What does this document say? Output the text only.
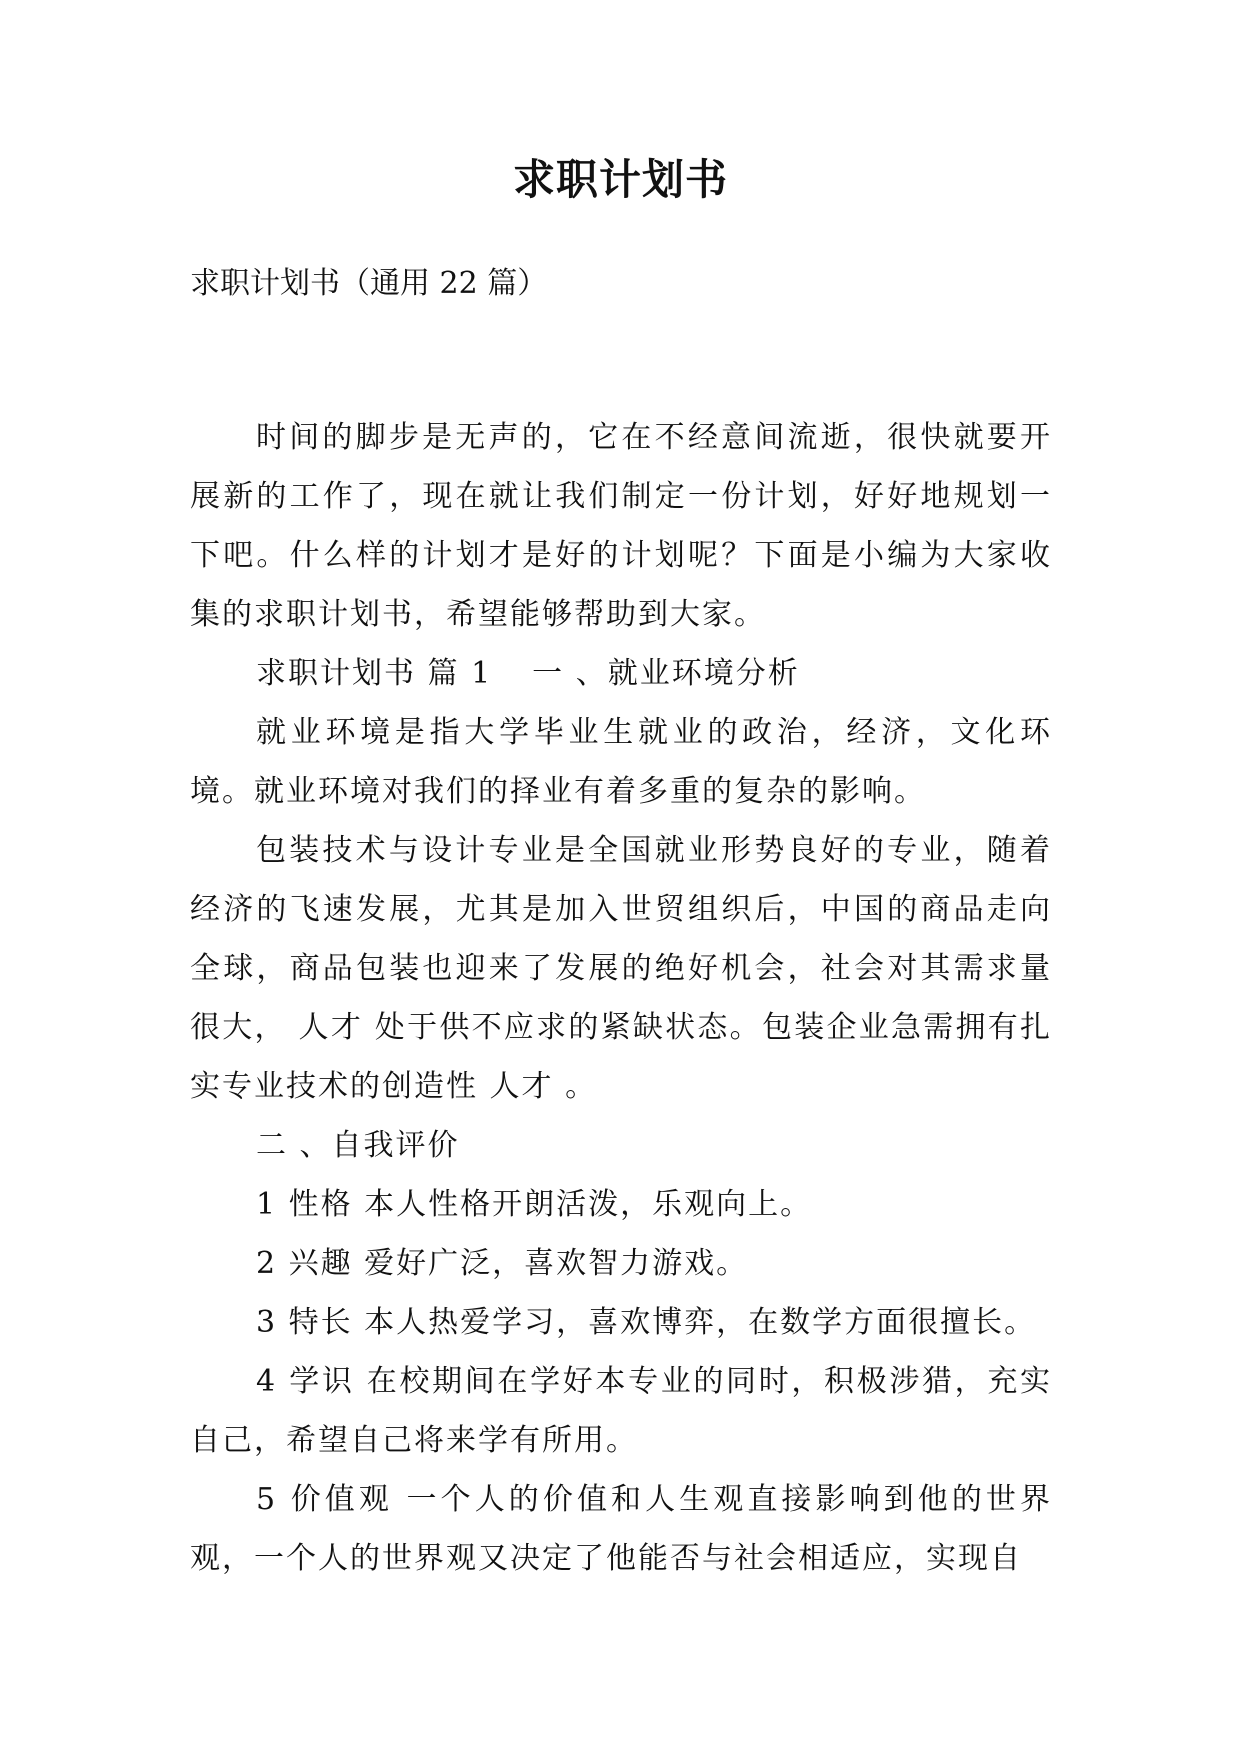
求职计划书
求职计划书（通用 22 篇）

时间的脚步是无声的，它在不经意间流逝，很快就要开展新的工作了，现在就让我们制定一份计划，好好地规划一下吧。什么样的计划才是好的计划呢？下面是小编为大家收集的求职计划书，希望能够帮助到大家。

求职计划书 篇 1 一 、就业环境分析

就业环境是指大学毕业生就业的政治，经济，文化环境。就业环境对我们的择业有着多重的复杂的影响。

包装技术与设计专业是全国就业形势良好的专业，随着经济的飞速发展，尤其是加入世贸组织后，中国的商品走向全球，商品包装也迎来了发展的绝好机会，社会对其需求量很大， 人才 处于供不应求的紧缺状态。包装企业急需拥有扎实专业技术的创造性 人才 。

二 、自我评价

1 性格 本人性格开朗活泼，乐观向上。

2 兴趣 爱好广泛，喜欢智力游戏。

3 特长 本人热爱学习，喜欢博弈，在数学方面很擅长。

4 学识 在校期间在学好本专业的同时，积极涉猎，充实自己，希望自己将来学有所用。

5 价值观 一个人的价值和人生观直接影响到他的世界观，一个人的世界观又决定了他能否与社会相适应，实现自
